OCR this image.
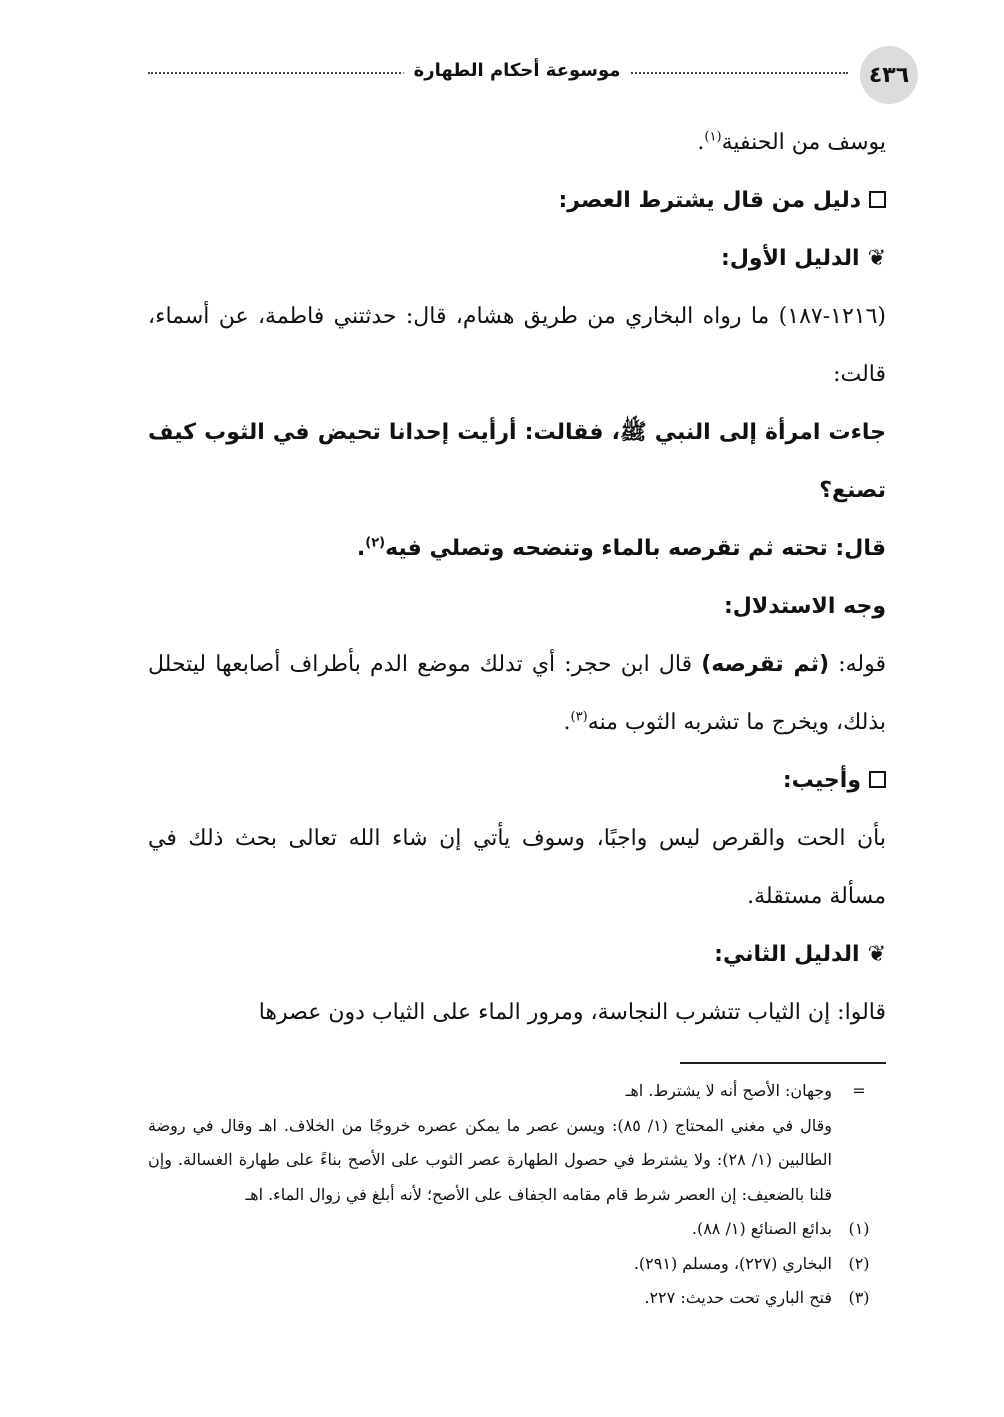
موسوعة أحكام الطهارة	٤٣٦

يوسف من الحنفية$^{(١)}$.

دليل من قال يشترط العصر:

❦الدليل الأول:

(١٢١٦-١٨٧) ما رواه البخاري من طريق هشام، قال: حدثتني فاطمة، عن أسماء، قالت:

جاءت امرأة إلى النبي ﷺ، فقالت: أرأيت إحدانا تحيض في الثوب كيف تصنع؟

قال: تحته ثم تقرصه بالماء وتنضحه وتصلي فيه$^{(٢)}$.

وجه الاستدلال:

قوله: (ثم تقرصه) قال ابن حجر: أي تدلك موضع الدم بأطراف أصابعها ليتحلل بذلك، ويخرج ما تشربه الثوب منه$^{(٣)}$.

وأجيب:

بأن الحت والقرص ليس واجبًا، وسوف يأتي إن شاء الله تعالى بحث ذلك في مسألة مستقلة.

❦الدليل الثاني:

قالوا: إن الثياب تتشرب النجاسة، ومرور الماء على الثياب دون عصرها

=

وجهان: الأصح أنه لا يشترط. اهـ

وقال في مغني المحتاج (١/ ٨٥): ويسن عصر ما يمكن عصره خروجًا من الخلاف. اهـ وقال في روضة الطالبين (١/ ٢٨): ولا يشترط في حصول الطهارة عصر الثوب على الأصح بناءً على طهارة الغسالة. وإن قلنا بالضعيف: إن العصر شرط قام مقامه الجفاف على الأصح؛ لأنه أبلغ في زوال الماء. اهـ

(١)
بدائع الصنائع (١/ ٨٨).
(٢)
البخاري (٢٢٧)، ومسلم (٢٩١).
(٣)
فتح الباري تحت حديث: ٢٢٧.
